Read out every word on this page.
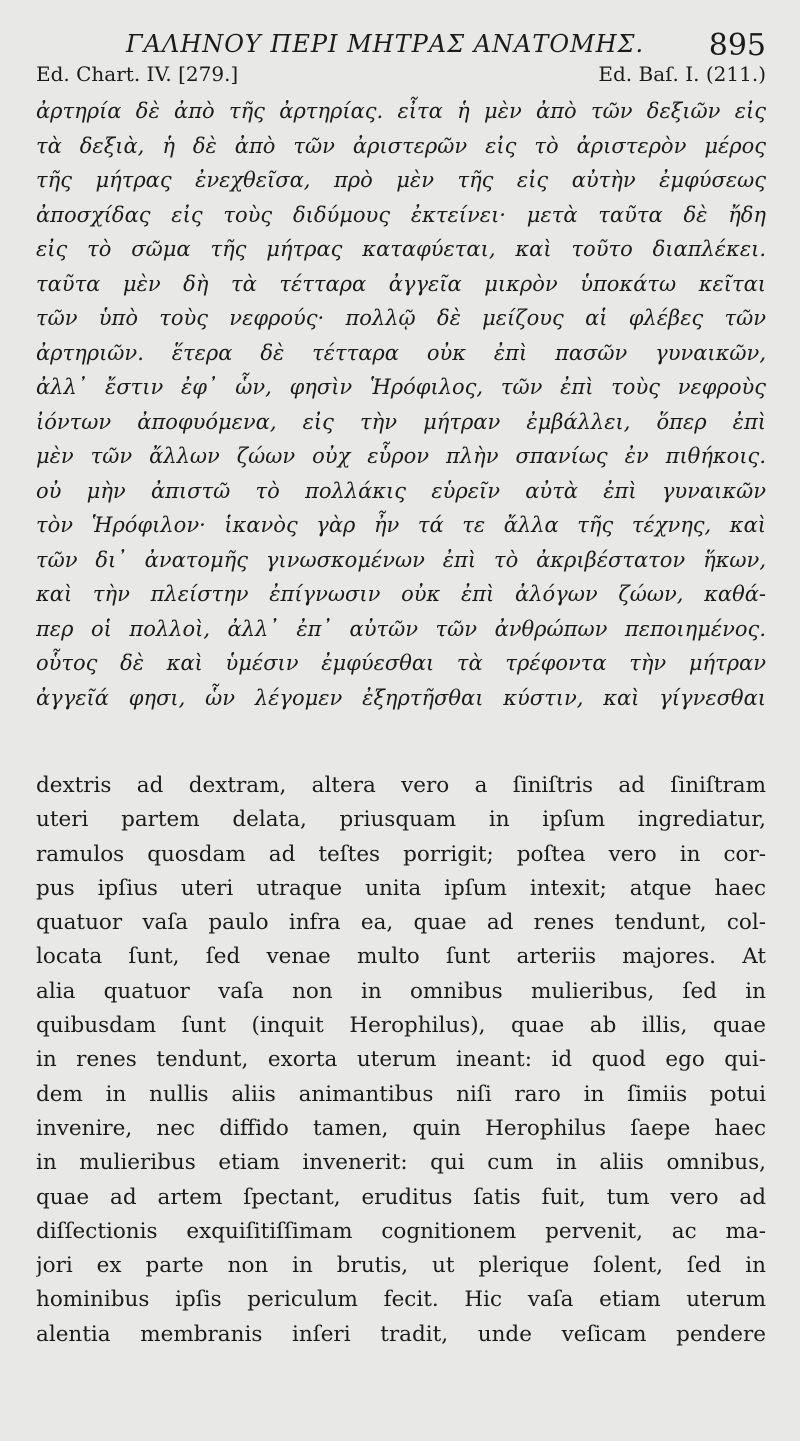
ΓΑΛΗΝΟΥ ΠΕΡΙ ΜΗΤΡΑΣ ΑΝΑΤΟΜΗΣ. 895
Ed. Chart. IV. [279.]	Ed. Baſ. I. (211.)
ἀρτηρία δὲ ἀπὸ τῆς ἀρτηρίας. εἶτα ἡ μὲν ἀπὸ τῶν δεξιῶν εἰς
τὰ δεξιὰ, ἡ δὲ ἀπὸ τῶν ἀριστερῶν εἰς τὸ ἀριστερὸν μέρος
τῆς μήτρας ἐνεχθεῖσα, πρὸ μὲν τῆς εἰς αὐτὴν ἐμφύσεως
ἀποσχίδας εἰς τοὺς διδύμους ἐκτείνει· μετὰ ταῦτα δὲ ἤδη
εἰς τὸ σῶμα τῆς μήτρας καταφύεται, καὶ τοῦτο διαπλέκει.
ταῦτα μὲν δὴ τὰ τέτταρα ἀγγεῖα μικρὸν ὑποκάτω κεῖται
τῶν ὑπὸ τοὺς νεφρούς· πολλῷ δὲ μείζους αἱ φλέβες τῶν
ἀρτηριῶν. ἕτερα δὲ τέτταρα οὐκ ἐπὶ πασῶν γυναικῶν,
ἀλλ᾽ ἔστιν ἐφ᾽ ὧν, φησὶν Ἡρόφιλος, τῶν ἐπὶ τοὺς νεφροὺς
ἰόντων ἀποφυόμενα, εἰς τὴν μήτραν ἐμβάλλει, ὅπερ ἐπὶ
μὲν τῶν ἄλλων ζώων οὐχ εὗρον πλὴν σπανίως ἐν πιθήκοις.
οὐ μὴν ἀπιστῶ τὸ πολλάκις εὑρεῖν αὐτὰ ἐπὶ γυναικῶν
τὸν Ἡρόφιλον· ἱκανὸς γὰρ ἦν τά τε ἄλλα τῆς τέχνης, καὶ
τῶν δι᾽ ἀνατομῆς γινωσκομένων ἐπὶ τὸ ἀκριβέστατον ἥκων,
καὶ τὴν πλείστην ἐπίγνωσιν οὐκ ἐπὶ ἀλόγων ζώων, καθά-
περ οἱ πολλοὶ, ἀλλ᾽ ἐπ᾽ αὐτῶν τῶν ἀνθρώπων πεποιημένος.
οὗτος δὲ καὶ ὑμέσιν ἐμφύεσθαι τὰ τρέφοντα τὴν μήτραν
ἀγγεῖά φησι, ὧν λέγομεν ἐξηρτῆσθαι κύστιν, καὶ γίγνεσθαι
dextris ad dextram, altera vero a ſiniſtris ad ſiniſtram
uteri partem delata, priusquam in ipſum ingrediatur,
ramulos quosdam ad teſtes porrigit; poſtea vero in cor-
pus ipſius uteri utraque unita ipſum intexit; atque haec
quatuor vaſa paulo infra ea, quae ad renes tendunt, col-
locata ſunt, ſed venae multo ſunt arteriis majores. At
alia quatuor vaſa non in omnibus mulieribus, ſed in
quibusdam ſunt (inquit Herophilus), quae ab illis, quae
in renes tendunt, exorta uterum ineant: id quod ego qui-
dem in nullis aliis animantibus niſi raro in ſimiis potui
invenire, nec diffido tamen, quin Herophilus ſaepe haec
in mulieribus etiam invenerit: qui cum in aliis omnibus,
quae ad artem ſpectant, eruditus ſatis fuit, tum vero ad
diſſectionis exquiſitiſſimam cognitionem pervenit, ac ma-
jori ex parte non in brutis, ut plerique ſolent, ſed in
hominibus ipſis periculum fecit. Hic vaſa etiam uterum
alentia membranis inſeri tradit, unde veſicam pendere
